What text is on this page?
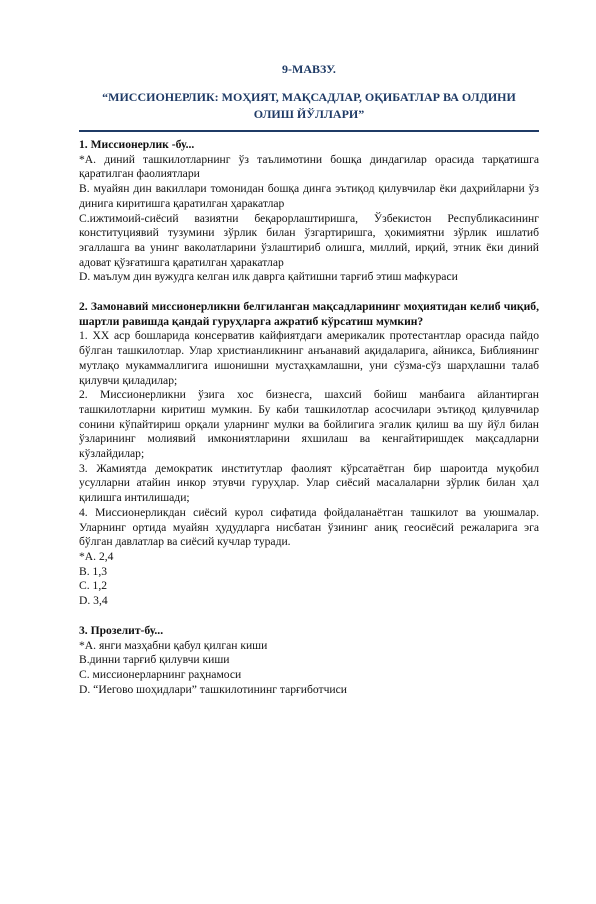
9-МАВЗУ.
“МИССИОНЕРЛИК: МОҲИЯТ, МАҚСАДЛАР, ОҚИБАТЛАР ВА ОЛДИНИ ОЛИШ ЙЎЛЛАРИ”

1. Миссионерлик -бу...

*А. диний ташкилотларнинг ўз таълимотини бошқа диндагилар орасида тарқатишга қаратилган фаолиятлари

В. муайян дин вакиллари томонидан бошқа динга эътиқод қилувчилар ёки даҳрийларни ўз динига киритишга қаратилган ҳаракатлар

С.ижтимоий-сиёсий вазиятни беқарорлаштиришга, Ўзбекистон Республикасининг конституциявий тузумини зўрлик билан ўзгартиришга, ҳокимиятни зўрлик ишлатиб эгаллашга ва унинг ваколатларини ўзлаштириб олишга, миллий, ирқий, этник ёки диний адоват қўзғатишга қаратилган ҳаракатлар

D. маълум дин вужудга келган илк даврга қайтишни тарғиб этиш мафкураси

2. Замонавий миссионерликни белгиланган мақсадларининг моҳиятидан келиб чиқиб, шартли равишда қандай гуруҳларга ажратиб кўрсатиш мумкин?

1. XX аср бошларида консерватив кайфиятдаги америкалик протестантлар орасида пайдо бўлган ташкилотлар. Улар христианликнинг анъанавий ақидаларига, айникса, Библиянинг мутлақо мукаммаллигига ишонишни мустаҳкамлашни, уни сўзма-сўз шарҳлашни талаб қилувчи қиладилар;

2. Миссионерликни ўзига хос бизнесга, шахсий бойиш манбаига айлантирган ташкилотларни киритиш мумкин. Бу каби ташкилотлар асосчилари эътиқод қилувчилар сонини кўпайтириш орқали уларнинг мулки ва бойлигига эгалик қилиш ва шу йўл билан ўзларининг молиявий имкониятларини яхшилаш ва кенгайтиришдек мақсадларни кўзлайдилар;

3. Жамиятда демократик институтлар фаолият кўрсатаётган бир шароитда муқобил усулларни атайин инкор этувчи гуруҳлар. Улар сиёсий масалаларни зўрлик билан ҳал қилишга интилишади;

4. Миссионерликдан сиёсий курол сифатида фойдаланаётган ташкилот ва уюшмалар. Уларнинг ортида муайян ҳудудларга нисбатан ўзининг аниқ геосиёсий режаларига эга бўлган давлатлар ва сиёсий кучлар туради.

*А. 2,4

В. 1,3

С. 1,2

D. 3,4

3. Прозелит-бу...

*А. янги мазҳабни қабул қилган киши

В.динни тарғиб қилувчи киши

С. миссионерларнинг раҳнамоси

D. “Иегово шоҳидлари” ташкилотининг тарғиботчиси
